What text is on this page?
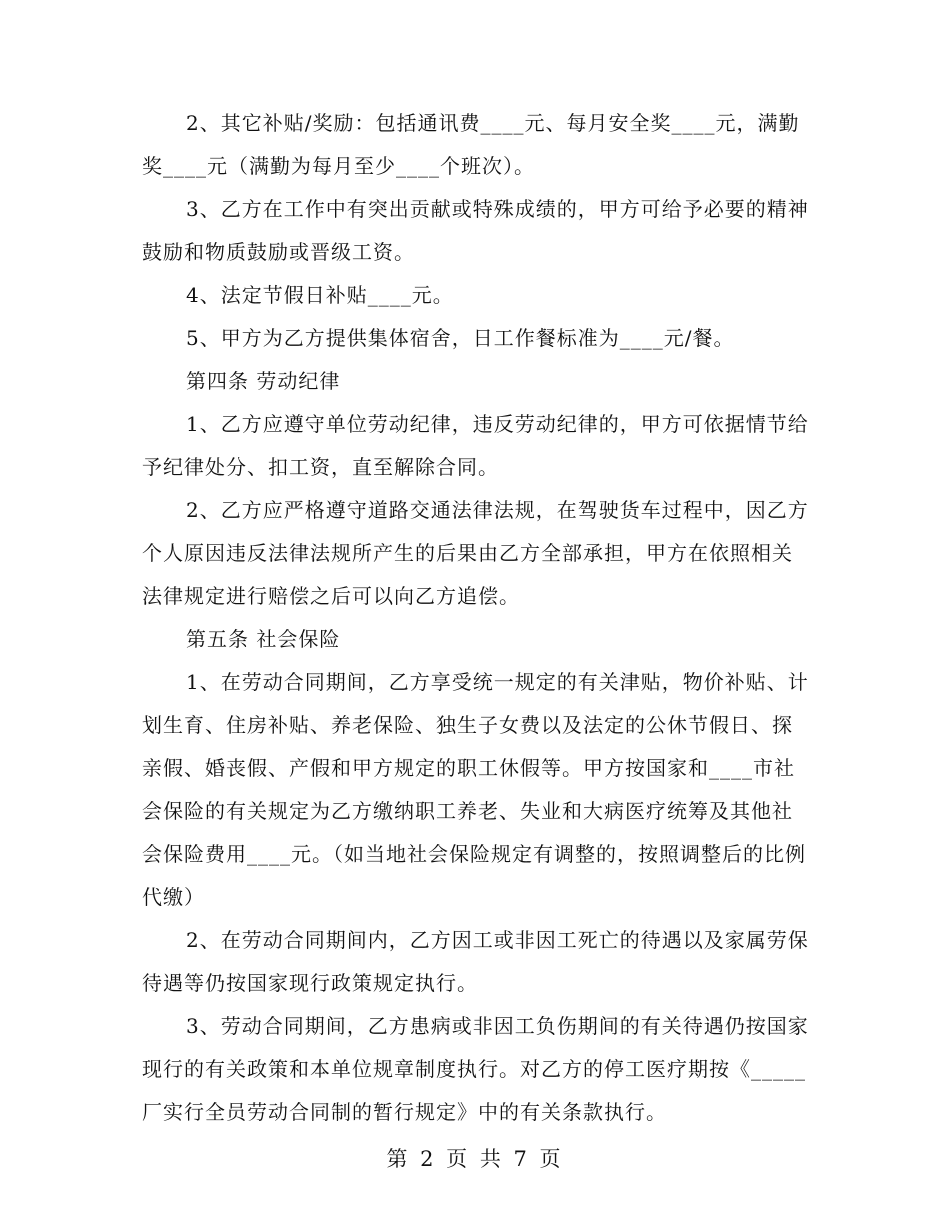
2、其它补贴/奖励：包括通讯费____元、每月安全奖____元，满勤奖____元（满勤为每月至少____个班次）。

3、乙方在工作中有突出贡献或特殊成绩的，甲方可给予必要的精神鼓励和物质鼓励或晋级工资。

4、法定节假日补贴____元。

5、甲方为乙方提供集体宿舍，日工作餐标准为____元/餐。

第四条 劳动纪律

1、乙方应遵守单位劳动纪律，违反劳动纪律的，甲方可依据情节给予纪律处分、扣工资，直至解除合同。

2、乙方应严格遵守道路交通法律法规，在驾驶货车过程中，因乙方个人原因违反法律法规所产生的后果由乙方全部承担，甲方在依照相关法律规定进行赔偿之后可以向乙方追偿。

第五条 社会保险

1、在劳动合同期间，乙方享受统一规定的有关津贴，物价补贴、计划生育、住房补贴、养老保险、独生子女费以及法定的公休节假日、探亲假、婚丧假、产假和甲方规定的职工休假等。甲方按国家和____市社会保险的有关规定为乙方缴纳职工养老、失业和大病医疗统筹及其他社会保险费用____元。（如当地社会保险规定有调整的，按照调整后的比例代缴）

2、在劳动合同期间内，乙方因工或非因工死亡的待遇以及家属劳保待遇等仍按国家现行政策规定执行。

3、劳动合同期间，乙方患病或非因工负伤期间的有关待遇仍按国家现行的有关政策和本单位规章制度执行。对乙方的停工医疗期按《_____厂实行全员劳动合同制的暂行规定》中的有关条款执行。

第 2 页 共 7 页
